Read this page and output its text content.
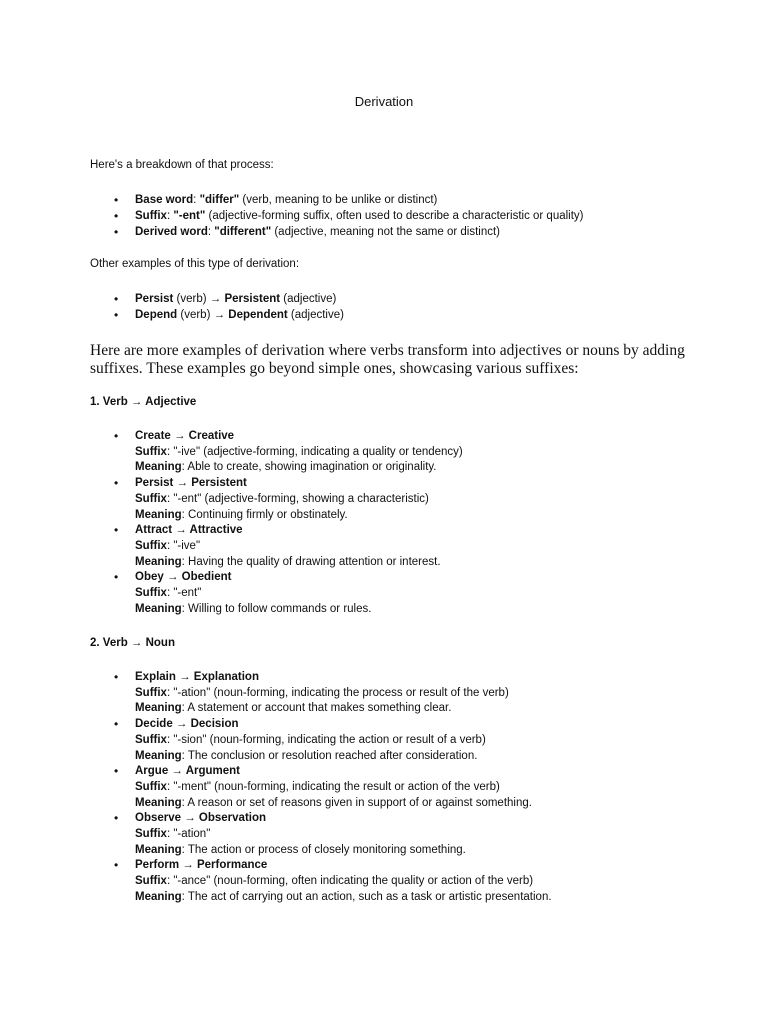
Derivation

Here's a breakdown of that process:

• Base word: "differ" (verb, meaning to be unlike or distinct)
• Suffix: "-ent" (adjective-forming suffix, often used to describe a characteristic or quality)
• Derived word: "different" (adjective, meaning not the same or distinct)

Other examples of this type of derivation:

• Persist (verb) → Persistent (adjective)
• Depend (verb) → Dependent (adjective)

Here are more examples of derivation where verbs transform into adjectives or nouns by adding suffixes. These examples go beyond simple ones, showcasing various suffixes:

1. Verb → Adjective

• Create → Creative
Suffix: "-ive" (adjective-forming, indicating a quality or tendency)
Meaning: Able to create, showing imagination or originality.
• Persist → Persistent
Suffix: "-ent" (adjective-forming, showing a characteristic)
Meaning: Continuing firmly or obstinately.
• Attract → Attractive
Suffix: "-ive"
Meaning: Having the quality of drawing attention or interest.
• Obey → Obedient
Suffix: "-ent"
Meaning: Willing to follow commands or rules.

2. Verb → Noun

• Explain → Explanation
Suffix: "-ation" (noun-forming, indicating the process or result of the verb)
Meaning: A statement or account that makes something clear.
• Decide → Decision
Suffix: "-sion" (noun-forming, indicating the action or result of a verb)
Meaning: The conclusion or resolution reached after consideration.
• Argue → Argument
Suffix: "-ment" (noun-forming, indicating the result or action of the verb)
Meaning: A reason or set of reasons given in support of or against something.
• Observe → Observation
Suffix: "-ation"
Meaning: The action or process of closely monitoring something.
• Perform → Performance
Suffix: "-ance" (noun-forming, often indicating the quality or action of the verb)
Meaning: The act of carrying out an action, such as a task or artistic presentation.
